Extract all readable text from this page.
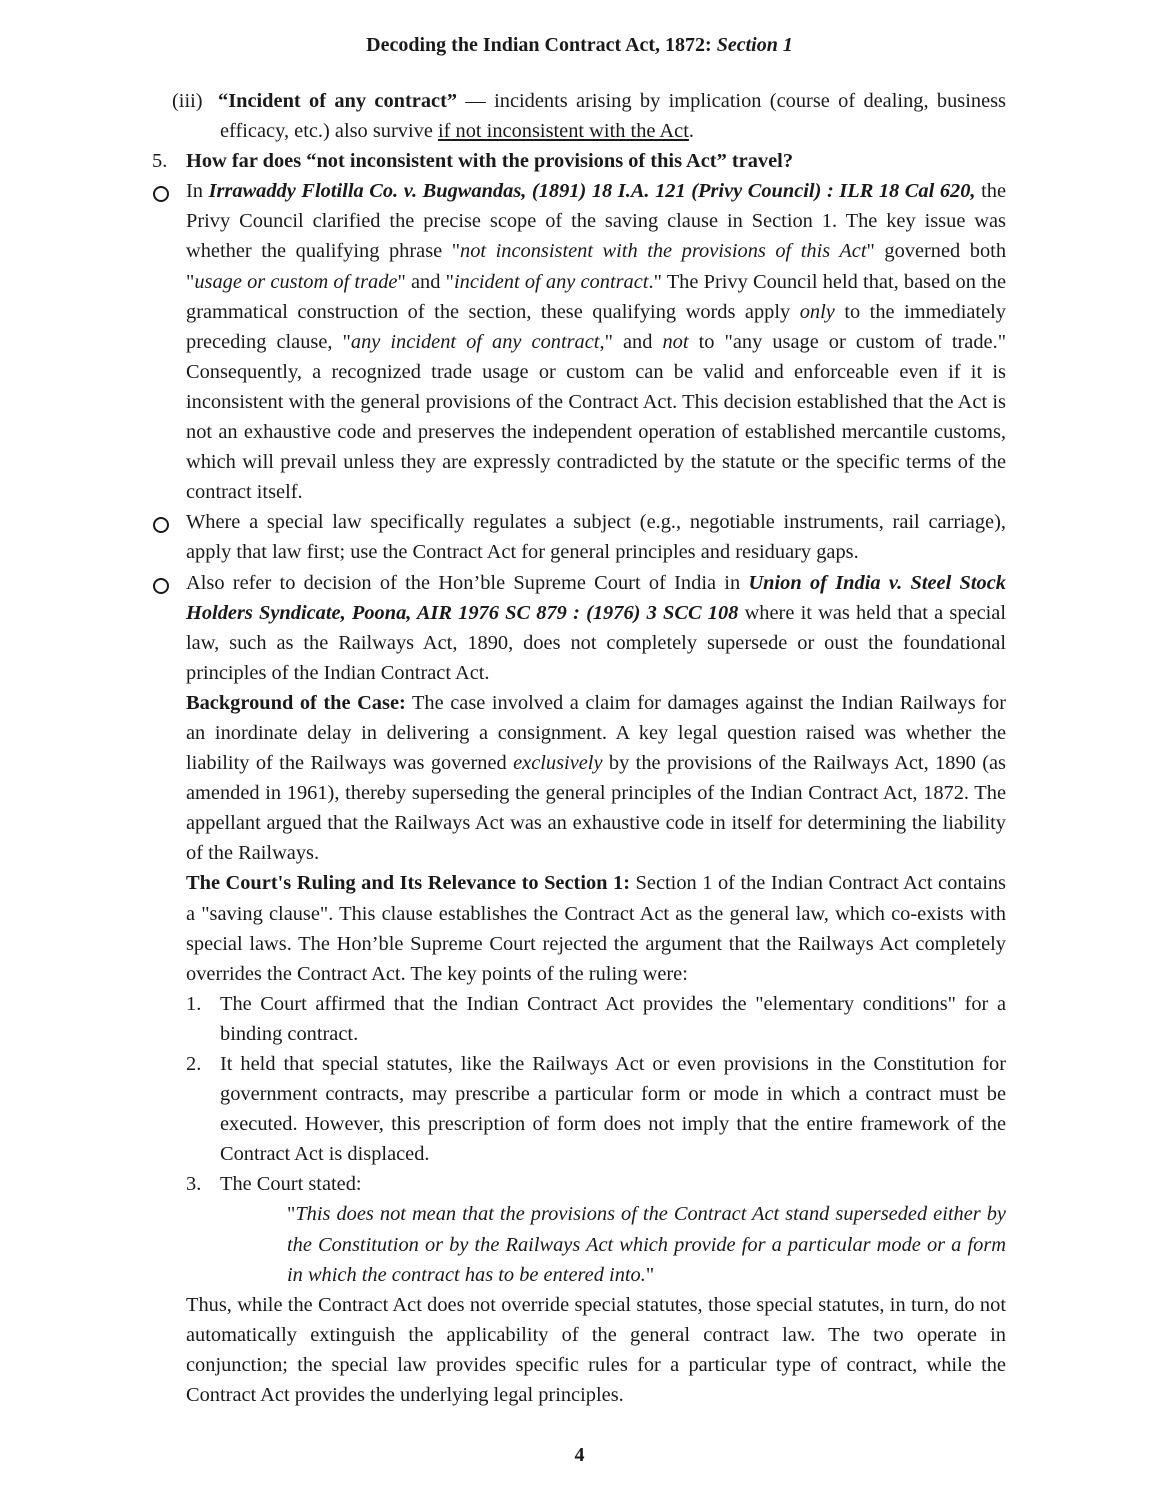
Decoding the Indian Contract Act, 1872: Section 1
(iii) “Incident of any contract” — incidents arising by implication (course of dealing, business efficacy, etc.) also survive if not inconsistent with the Act.
5. How far does “not inconsistent with the provisions of this Act” travel?
In Irrawaddy Flotilla Co. v. Bugwandas, (1891) 18 I.A. 121 (Privy Council) : ILR 18 Cal 620, the Privy Council clarified the precise scope of the saving clause in Section 1. The key issue was whether the qualifying phrase "not inconsistent with the provisions of this Act" governed both "usage or custom of trade" and "incident of any contract." The Privy Council held that, based on the grammatical construction of the section, these qualifying words apply only to the immediately preceding clause, "any incident of any contract," and not to "any usage or custom of trade." Consequently, a recognized trade usage or custom can be valid and enforceable even if it is inconsistent with the general provisions of the Contract Act. This decision established that the Act is not an exhaustive code and preserves the independent operation of established mercantile customs, which will prevail unless they are expressly contradicted by the statute or the specific terms of the contract itself.
Where a special law specifically regulates a subject (e.g., negotiable instruments, rail carriage), apply that law first; use the Contract Act for general principles and residuary gaps.
Also refer to decision of the Hon’ble Supreme Court of India in Union of India v. Steel Stock Holders Syndicate, Poona, AIR 1976 SC 879 : (1976) 3 SCC 108 where it was held that a special law, such as the Railways Act, 1890, does not completely supersede or oust the foundational principles of the Indian Contract Act.
Background of the Case: The case involved a claim for damages against the Indian Railways for an inordinate delay in delivering a consignment. A key legal question raised was whether the liability of the Railways was governed exclusively by the provisions of the Railways Act, 1890 (as amended in 1961), thereby superseding the general principles of the Indian Contract Act, 1872. The appellant argued that the Railways Act was an exhaustive code in itself for determining the liability of the Railways.
The Court's Ruling and Its Relevance to Section 1: Section 1 of the Indian Contract Act contains a "saving clause". This clause establishes the Contract Act as the general law, which co-exists with special laws. The Hon’ble Supreme Court rejected the argument that the Railways Act completely overrides the Contract Act. The key points of the ruling were:
1. The Court affirmed that the Indian Contract Act provides the "elementary conditions" for a binding contract.
2. It held that special statutes, like the Railways Act or even provisions in the Constitution for government contracts, may prescribe a particular form or mode in which a contract must be executed. However, this prescription of form does not imply that the entire framework of the Contract Act is displaced.
3. The Court stated:
"This does not mean that the provisions of the Contract Act stand superseded either by the Constitution or by the Railways Act which provide for a particular mode or a form in which the contract has to be entered into."
Thus, while the Contract Act does not override special statutes, those special statutes, in turn, do not automatically extinguish the applicability of the general contract law. The two operate in conjunction; the special law provides specific rules for a particular type of contract, while the Contract Act provides the underlying legal principles.
4
